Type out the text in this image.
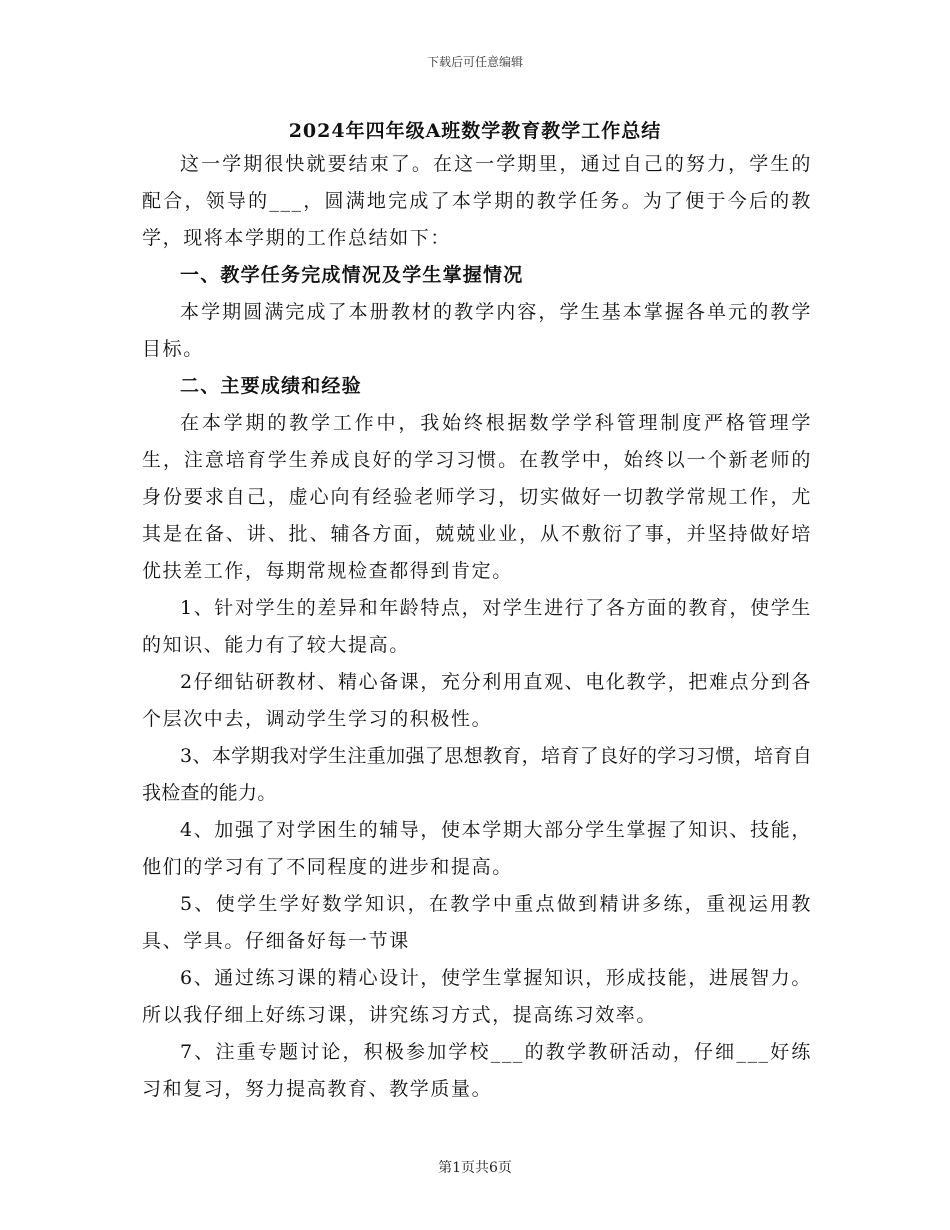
下载后可任意编辑
2024年四年级A班数学教育教学工作总结

这一学期很快就要结束了。在这一学期里，通过自己的努力，学生的配合，领导的___，圆满地完成了本学期的教学任务。为了便于今后的教学，现将本学期的工作总结如下：

一、教学任务完成情况及学生掌握情况

本学期圆满完成了本册教材的教学内容，学生基本掌握各单元的教学目标。

二、主要成绩和经验

在本学期的教学工作中，我始终根据数学学科管理制度严格管理学生，注意培育学生养成良好的学习习惯。在教学中，始终以一个新老师的身份要求自己，虚心向有经验老师学习，切实做好一切教学常规工作，尤其是在备、讲、批、辅各方面，兢兢业业，从不敷衍了事，并坚持做好培优扶差工作，每期常规检查都得到肯定。

1、针对学生的差异和年龄特点，对学生进行了各方面的教育，使学生的知识、能力有了较大提高。

2仔细钻研教材、精心备课，充分利用直观、电化教学，把难点分到各个层次中去，调动学生学习的积极性。

3、本学期我对学生注重加强了思想教育，培育了良好的学习习惯，培育自我检查的能力。

4、加强了对学困生的辅导，使本学期大部分学生掌握了知识、技能，他们的学习有了不同程度的进步和提高。

5、使学生学好数学知识，在教学中重点做到精讲多练，重视运用教具、学具。仔细备好每一节课

6、通过练习课的精心设计，使学生掌握知识，形成技能，进展智力。所以我仔细上好练习课，讲究练习方式，提高练习效率。

7、注重专题讨论，积极参加学校___的教学教研活动，仔细___好练习和复习，努力提高教育、教学质量。

第1页共6页
